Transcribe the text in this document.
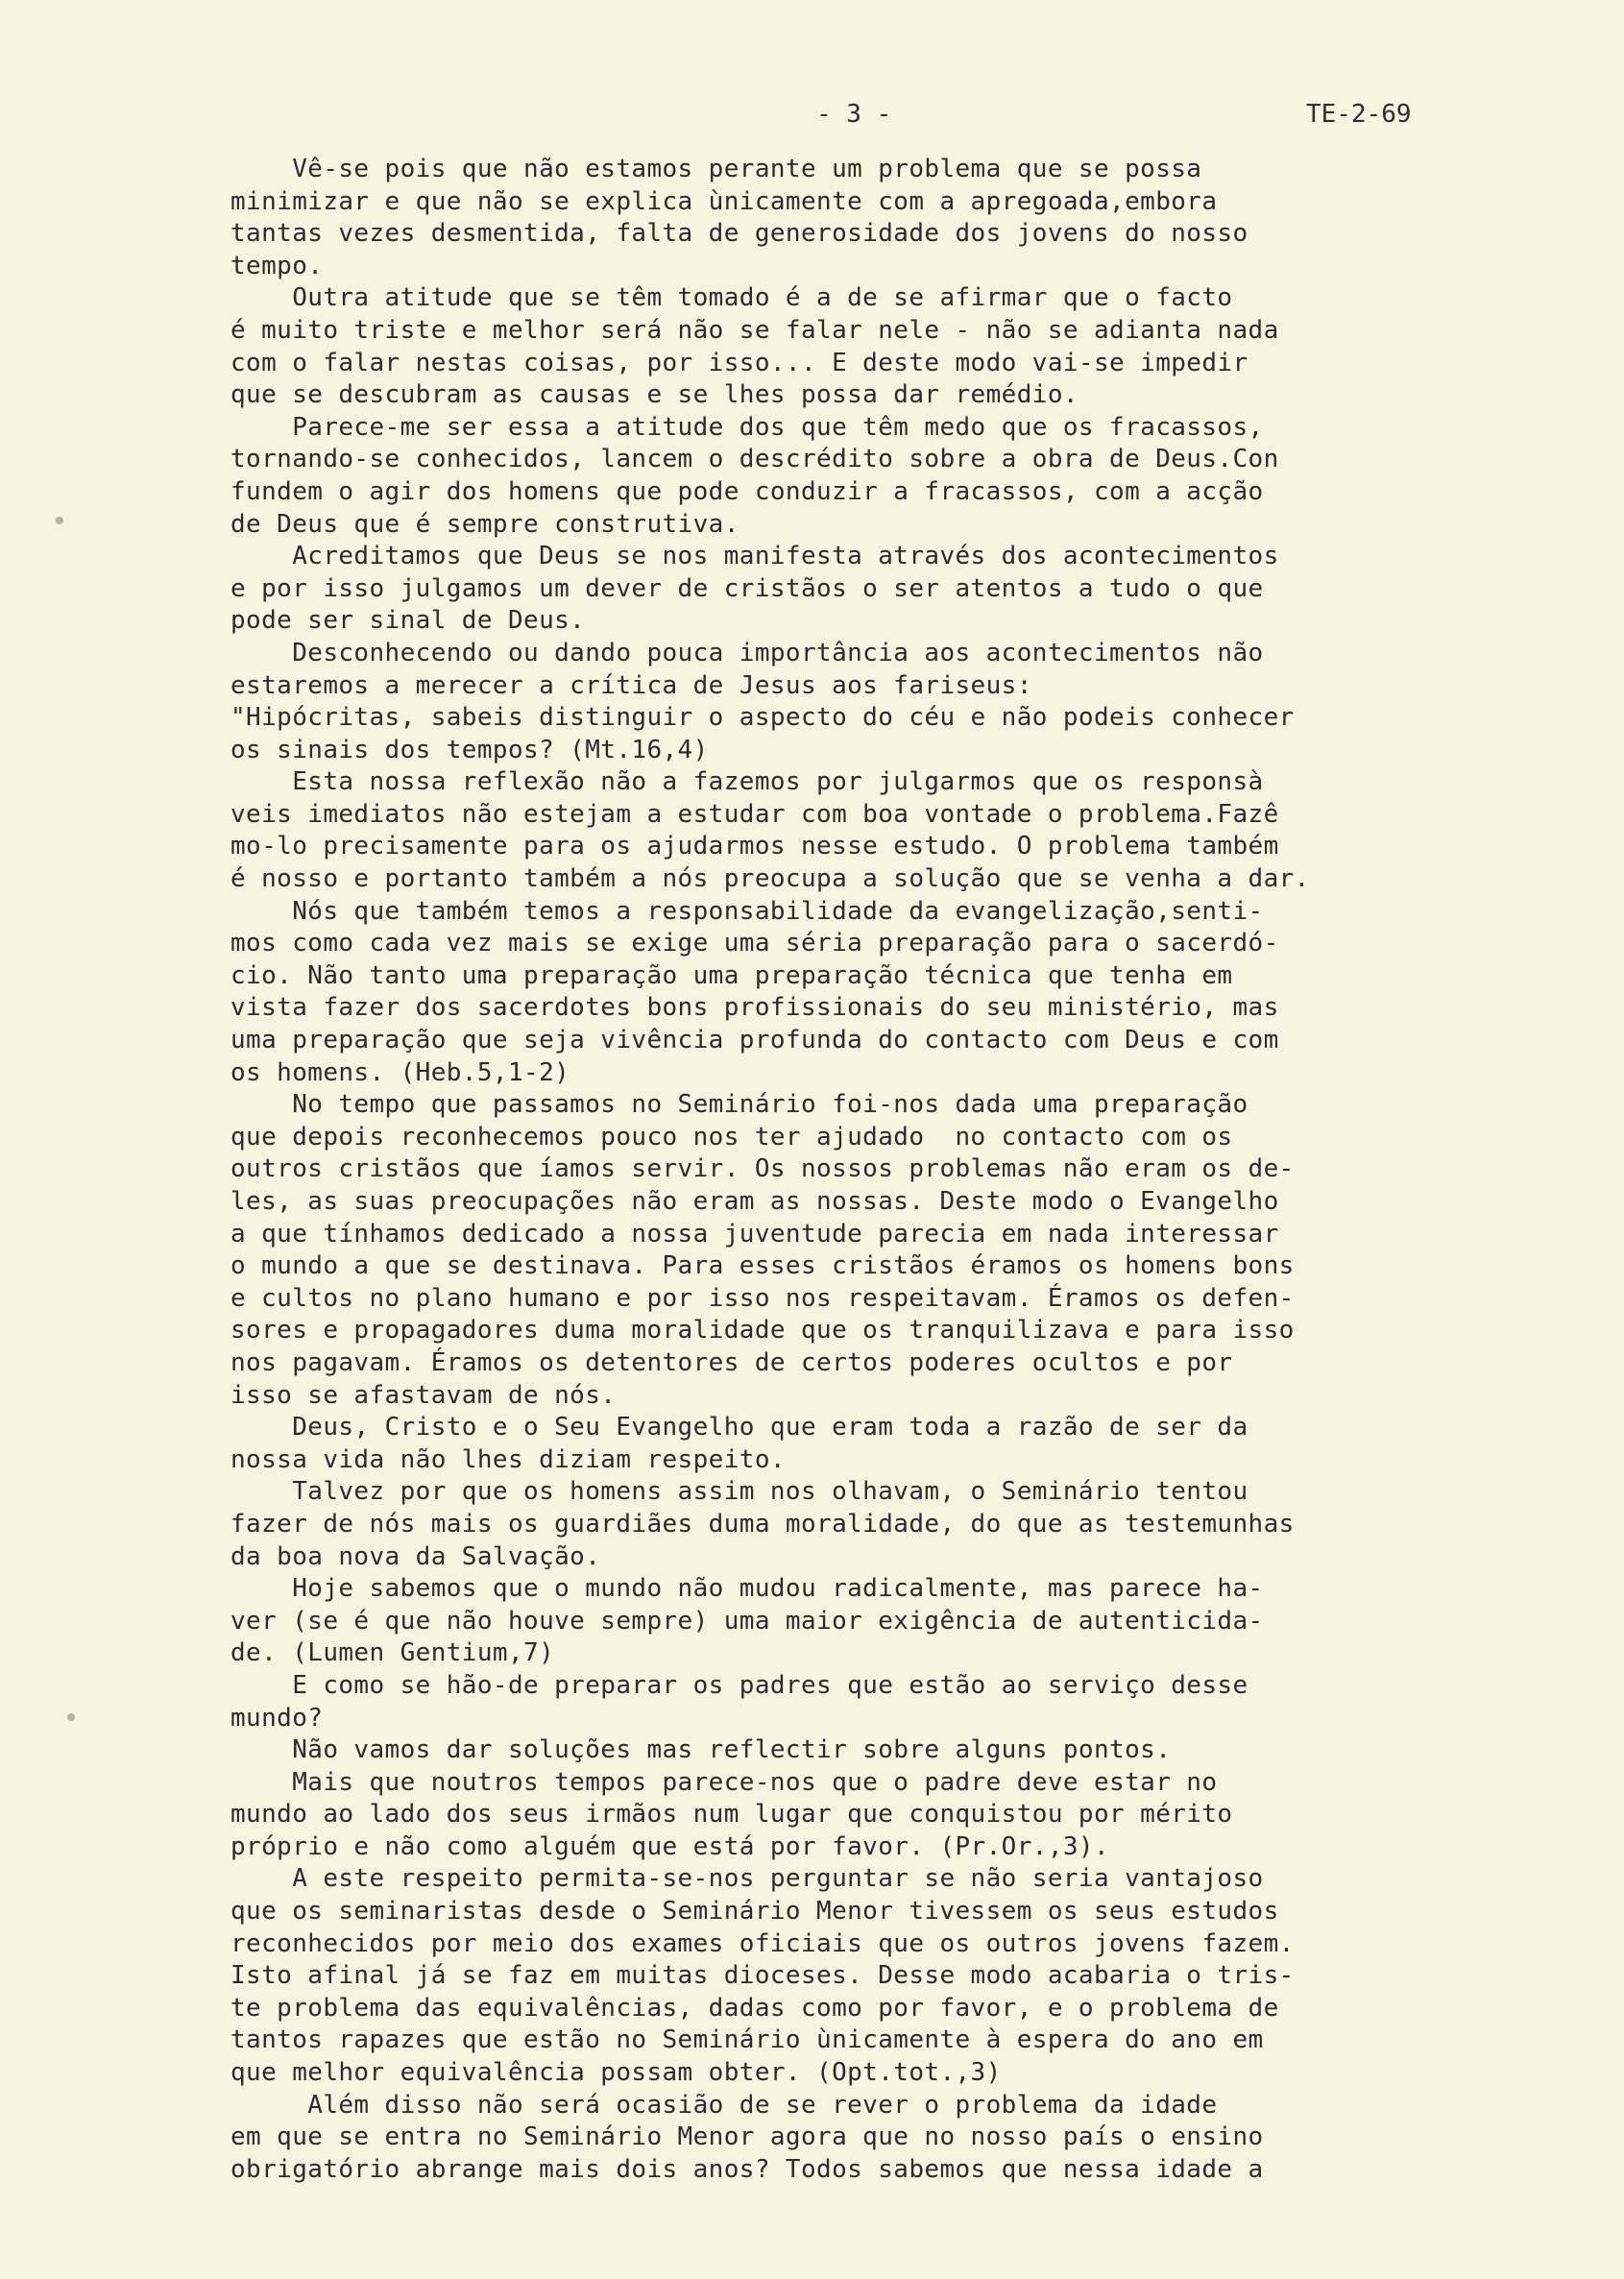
- 3 -	TE-2-69
Vê-se pois que não estamos perante um problema que se possa
minimizar e que não se explica ùnicamente com a apregoada,embora
tantas vezes desmentida, falta de generosidade dos jovens do nosso
tempo.
Outra atitude que se têm tomado é a de se afirmar que o facto
é muito triste e melhor será não se falar nele - não se adianta nada
com o falar nestas coisas, por isso... E deste modo vai-se impedir
que se descubram as causas e se lhes possa dar remédio.
Parece-me ser essa a atitude dos que têm medo que os fracassos,
tornando-se conhecidos, lancem o descrédito sobre a obra de Deus.Con
fundem o agir dos homens que pode conduzir a fracassos, com a acção
de Deus que é sempre construtiva.
Acreditamos que Deus se nos manifesta através dos acontecimentos
e por isso julgamos um dever de cristãos o ser atentos a tudo o que
pode ser sinal de Deus.
Desconhecendo ou dando pouca importância aos acontecimentos não
estaremos a merecer a crítica de Jesus aos fariseus:
"Hipócritas, sabeis distinguir o aspecto do céu e não podeis conhecer
os sinais dos tempos? (Mt.16,4)
Esta nossa reflexão não a fazemos por julgarmos que os responsà
veis imediatos não estejam a estudar com boa vontade o problema.Fazê
mo-lo precisamente para os ajudarmos nesse estudo. O problema também
é nosso e portanto também a nós preocupa a solução que se venha a dar.
Nós que também temos a responsabilidade da evangelização,senti-
mos como cada vez mais se exige uma séria preparação para o sacerdó-
cio. Não tanto uma preparação uma preparação técnica que tenha em
vista fazer dos sacerdotes bons profissionais do seu ministério, mas
uma preparação que seja vivência profunda do contacto com Deus e com
os homens. (Heb.5,1-2)
No tempo que passamos no Seminário foi-nos dada uma preparação
que depois reconhecemos pouco nos ter ajudado  no contacto com os
outros cristãos que íamos servir. Os nossos problemas não eram os de-
les, as suas preocupações não eram as nossas. Deste modo o Evangelho
a que tínhamos dedicado a nossa juventude parecia em nada interessar
o mundo a que se destinava. Para esses cristãos éramos os homens bons
e cultos no plano humano e por isso nos respeitavam. Éramos os defen-
sores e propagadores duma moralidade que os tranquilizava e para isso
nos pagavam. Éramos os detentores de certos poderes ocultos e por
isso se afastavam de nós.
Deus, Cristo e o Seu Evangelho que eram toda a razão de ser da
nossa vida não lhes diziam respeito.
Talvez por que os homens assim nos olhavam, o Seminário tentou
fazer de nós mais os guardiães duma moralidade, do que as testemunhas
da boa nova da Salvação.
Hoje sabemos que o mundo não mudou radicalmente, mas parece ha-
ver (se é que não houve sempre) uma maior exigência de autenticida-
de. (Lumen Gentium,7)
E como se hão-de preparar os padres que estão ao serviço desse
mundo?
Não vamos dar soluções mas reflectir sobre alguns pontos.
Mais que noutros tempos parece-nos que o padre deve estar no
mundo ao lado dos seus irmãos num lugar que conquistou por mérito
próprio e não como alguém que está por favor. (Pr.Or.,3).
A este respeito permita-se-nos perguntar se não seria vantajoso
que os seminaristas desde o Seminário Menor tivessem os seus estudos
reconhecidos por meio dos exames oficiais que os outros jovens fazem.
Isto afinal já se faz em muitas dioceses. Desse modo acabaria o tris-
te problema das equivalências, dadas como por favor, e o problema de
tantos rapazes que estão no Seminário ùnicamente à espera do ano em
que melhor equivalência possam obter. (Opt.tot.,3)
Além disso não será ocasião de se rever o problema da idade
em que se entra no Seminário Menor agora que no nosso país o ensino
obrigatório abrange mais dois anos? Todos sabemos que nessa idade a
